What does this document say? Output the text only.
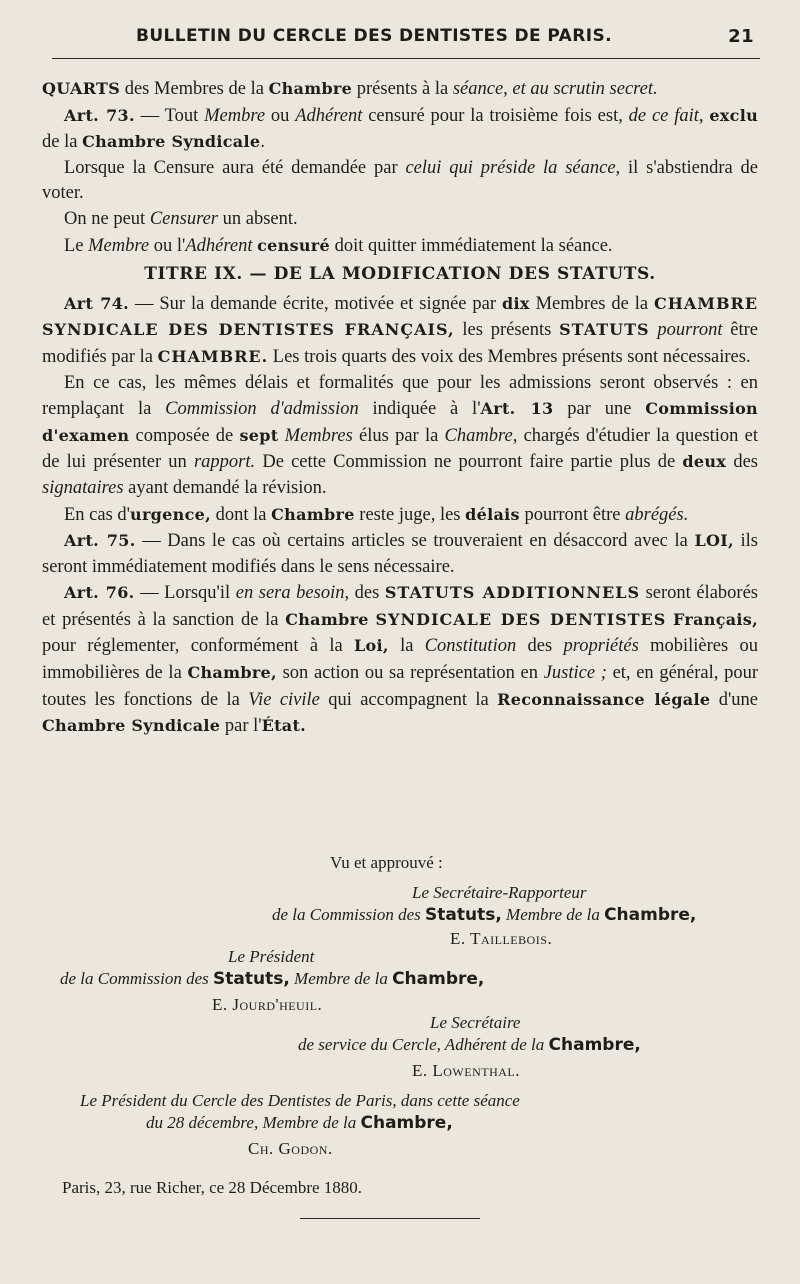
BULLETIN DU CERCLE DES DENTISTES DE PARIS.	21

QUARTS des Membres de la Chambre présents à la séance, et au scrutin secret.

Art. 73. — Tout Membre ou Adhérent censuré pour la troisième fois est, de ce fait, exclu de la Chambre Syndicale.

Lorsque la Censure aura été demandée par celui qui préside la séance, il s'abstiendra de voter.

On ne peut Censurer un absent.

Le Membre ou l'Adhérent censuré doit quitter immédiatement la séance.

TITRE IX. — DE LA MODIFICATION DES STATUTS.

Art 74. — Sur la demande écrite, motivée et signée par dix Membres de la CHAMBRE SYNDICALE DES DENTISTES FRANÇAIS, les présents STATUTS pourront être modifiés par la CHAMBRE. Les trois quarts des voix des Membres présents sont nécessaires.

En ce cas, les mêmes délais et formalités que pour les admissions seront observés : en remplaçant la Commission d'admission indiquée à l'Art. 13 par une Commission d'examen composée de sept Membres élus par la Chambre, chargés d'étudier la question et de lui présenter un rapport. De cette Commission ne pourront faire partie plus de deux des signataires ayant demandé la révision.

En cas d'urgence, dont la Chambre reste juge, les délais pourront être abrégés.

Art. 75. — Dans le cas où certains articles se trouveraient en désaccord avec la LOI, ils seront immédiatement modifiés dans le sens nécessaire.

Art. 76. — Lorsqu'il en sera besoin, des STATUTS ADDITIONNELS seront élaborés et présentés à la sanction de la Chambre SYNDICALE DES DENTISTES Français, pour réglementer, conformément à la Loi, la Constitution des propriétés mobilières ou immobilières de la Chambre, son action ou sa représentation en Justice ; et, en général, pour toutes les fonctions de la Vie civile qui accompagnent la Reconnaissance légale d'une Chambre Syndicale par l'État.

Vu et approuvé :
Le Secrétaire-Rapporteur
de la Commission des Statuts, Membre de la Chambre,
E. Taillebois.
Le Président
de la Commission des Statuts, Membre de la Chambre,
E. Jourd'heuil.
Le Secrétaire
de service du Cercle, Adhérent de la Chambre,
E. Lowenthal.
Le Président du Cercle des Dentistes de Paris, dans cette séance
du 28 décembre, Membre de la Chambre,
Ch. Godon.
Paris, 23, rue Richer, ce 28 Décembre 1880.
